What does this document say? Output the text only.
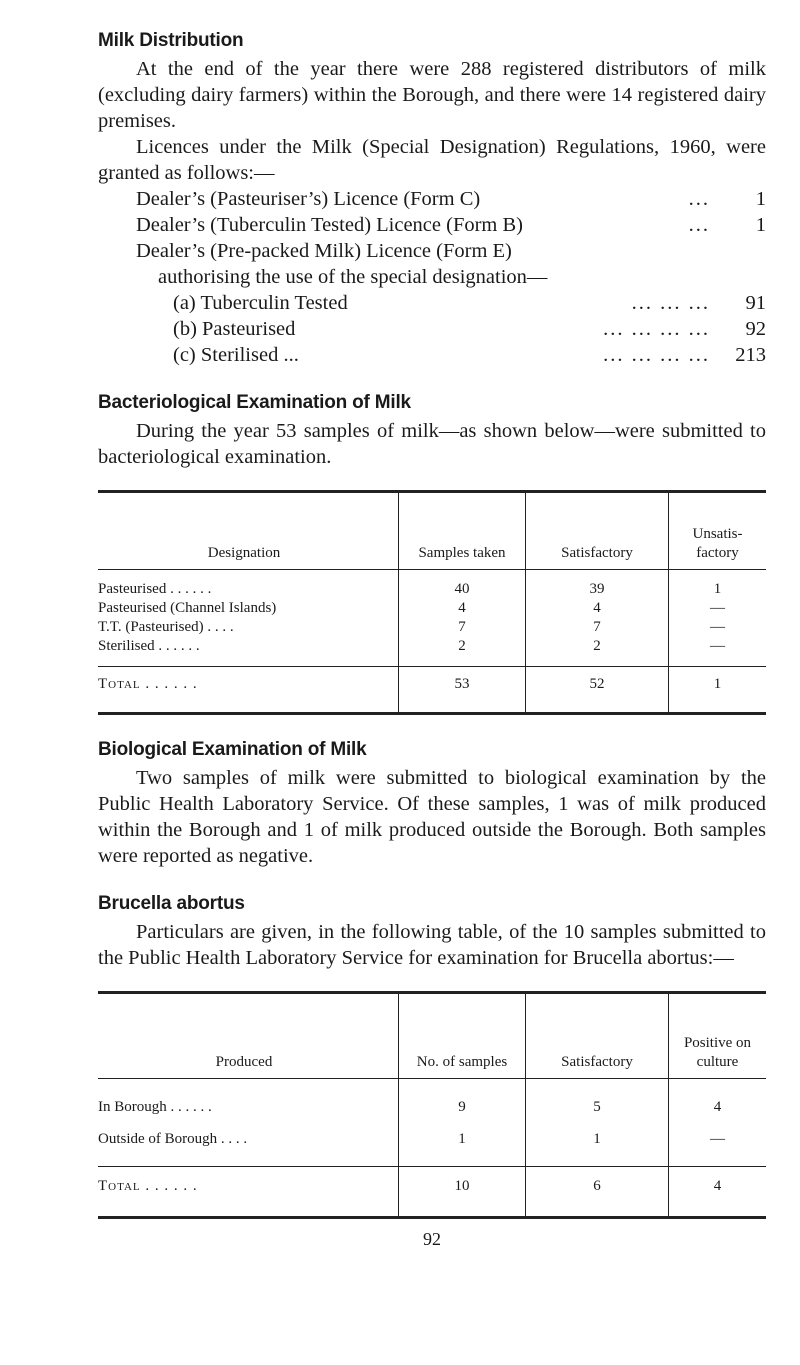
Milk Distribution

At the end of the year there were 288 registered distributors of milk (excluding dairy farmers) within the Borough, and there were 14 registered dairy premises.

Licences under the Milk (Special Designation) Regulations, 1960, were granted as follows:—

Dealer’s (Pasteuriser’s) Licence (Form C)	...	1
Dealer’s (Tuberculin Tested) Licence (Form B)	...	1
Dealer’s (Pre-packed Milk) Licence (Form E)
authorising the use of the special designation—
(a) Tuberculin Tested	... ... ...	91
(b) Pasteurised	... ... ... ...	92
(c) Sterilised ...	... ... ... ...	213
Bacteriological Examination of Milk

During the year 53 samples of milk—as shown below—were submitted to bacteriological examination.

Designation	Samples taken	Satisfactory	Unsatis-factory
Pasteurised . . . . . .	40	39	1
Pasteurised (Channel Islands)	4	4	—
T.T. (Pasteurised) . . . .	7	7	—
Sterilised . . . . . .	2	2	—
Total . . . . . .	53	52	1
Biological Examination of Milk

Two samples of milk were submitted to biological examination by the Public Health Laboratory Service. Of these samples, 1 was of milk produced within the Borough and 1 of milk produced outside the Borough. Both samples were reported as negative.

Brucella abortus

Particulars are given, in the following table, of the 10 samples submitted to the Public Health Laboratory Service for examination for Brucella abortus:—

Produced	No. of samples	Satisfactory	Positive on culture
In Borough . . . . . .	9	5	4
Outside of Borough . . . .	1	1	—
Total . . . . . .	10	6	4
92
